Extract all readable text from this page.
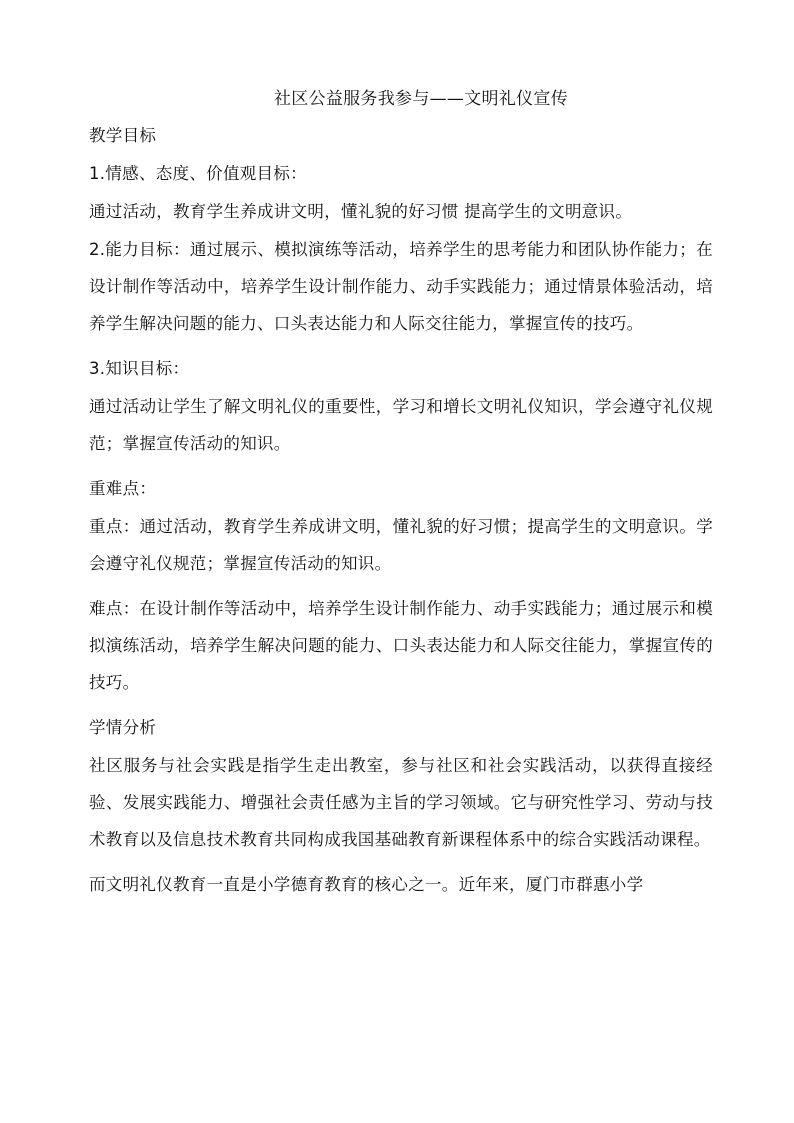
社区公益服务我参与——文明礼仪宣传
教学目标
1.情感、态度、价值观目标：
通过活动，教育学生养成讲文明，懂礼貌的好习惯 提高学生的文明意识。
2.能力目标：通过展示、模拟演练等活动，培养学生的思考能力和团队协作能力；在设计制作等活动中，培养学生设计制作能力、动手实践能力；通过情景体验活动，培养学生解决问题的能力、口头表达能力和人际交往能力，掌握宣传的技巧。
3.知识目标：
通过活动让学生了解文明礼仪的重要性，学习和增长文明礼仪知识，学会遵守礼仪规范；掌握宣传活动的知识。
重难点：
重点：通过活动，教育学生养成讲文明，懂礼貌的好习惯；提高学生的文明意识。学会遵守礼仪规范；掌握宣传活动的知识。
难点：在设计制作等活动中，培养学生设计制作能力、动手实践能力；通过展示和模拟演练活动，培养学生解决问题的能力、口头表达能力和人际交往能力，掌握宣传的技巧。
学情分析
社区服务与社会实践是指学生走出教室，参与社区和社会实践活动，以获得直接经验、发展实践能力、增强社会责任感为主旨的学习领域。它与研究性学习、劳动与技术教育以及信息技术教育共同构成我国基础教育新课程体系中的综合实践活动课程。
而文明礼仪教育一直是小学德育教育的核心之一。近年来，厦门市群惠小学
